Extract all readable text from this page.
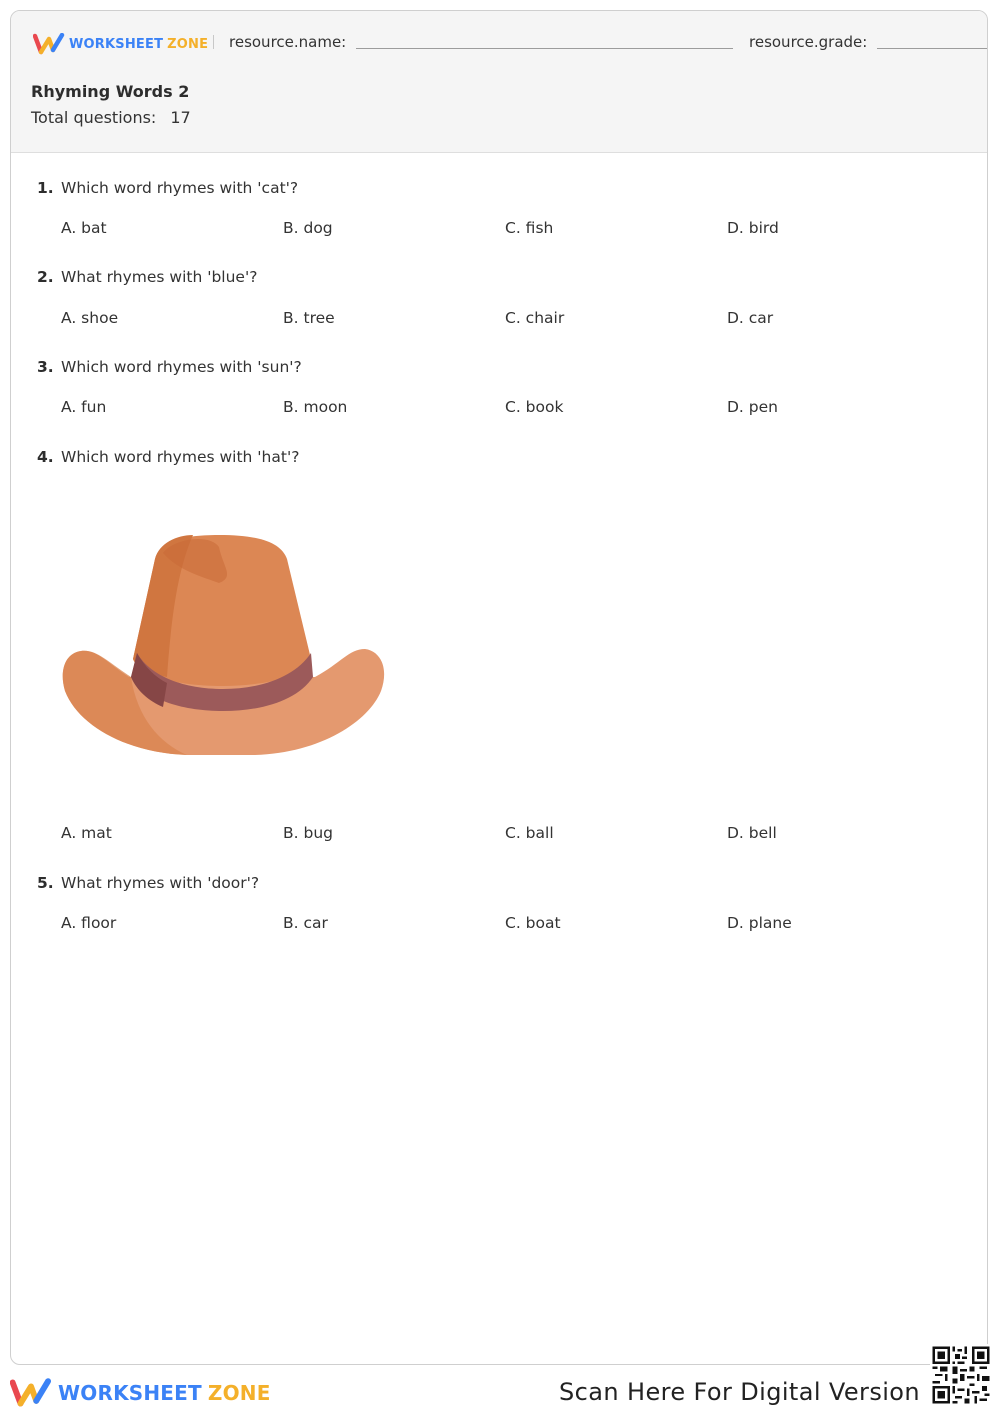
WORKSHEET ZONE resource.name:	resource.grade:
Rhyming Words 2
Total questions: 17
1. Which word rhymes with 'cat'?
A. bat	B. dog	C. fish	D. bird
2. What rhymes with 'blue'?
A. shoe	B. tree	C. chair	D. car
3. Which word rhymes with 'sun'?
A. fun	B. moon	C. book	D. pen
4. Which word rhymes with 'hat'?
A. mat	B. bug	C. ball	D. bell
5. What rhymes with 'door'?
A. floor	B. car	C. boat	D. plane
WORKSHEET ZONE	Scan Here For Digital Version
